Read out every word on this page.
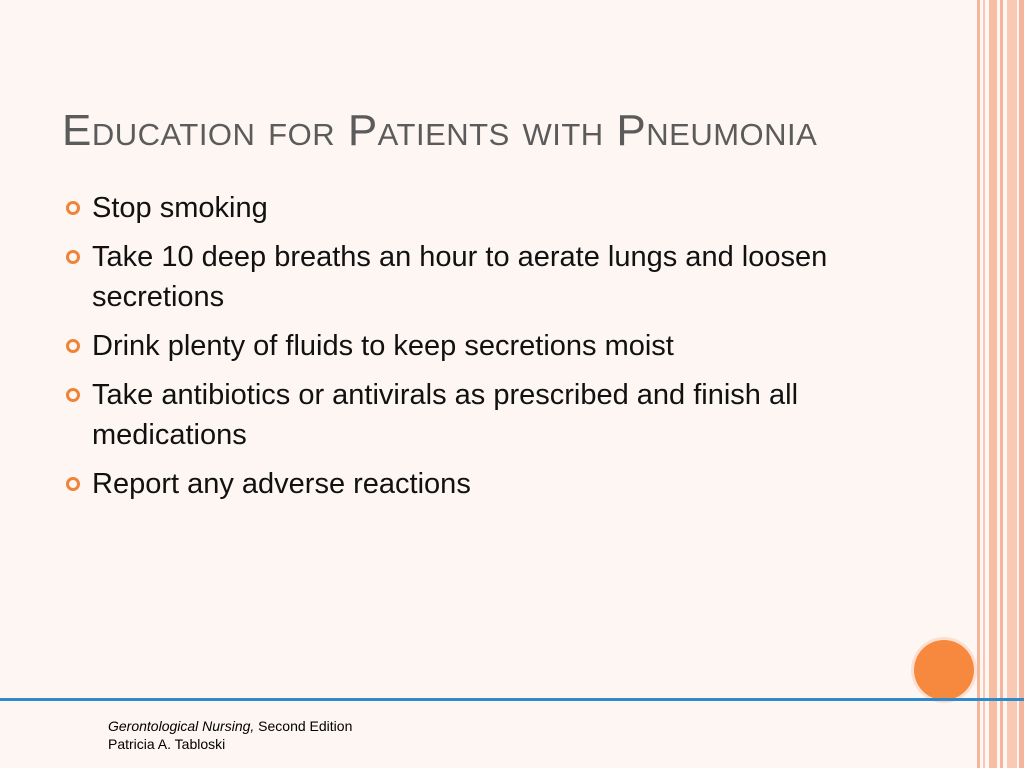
Education for Patients with Pneumonia
Stop smoking
Take 10 deep breaths an hour to aerate lungs and loosen secretions
Drink plenty of fluids to keep secretions moist
Take antibiotics or antivirals as prescribed and finish all medications
Report any adverse reactions
Gerontological Nursing, Second Edition
Patricia A. Tabloski
